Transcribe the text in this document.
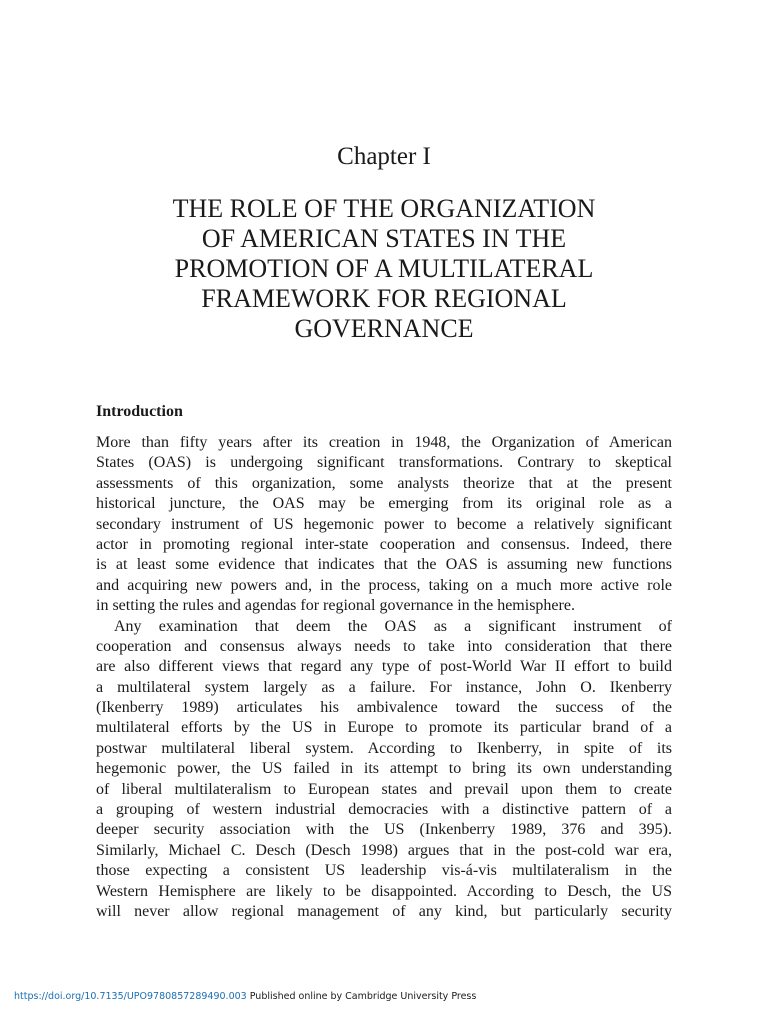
Chapter I
THE ROLE OF THE ORGANIZATION
OF AMERICAN STATES IN THE
PROMOTION OF A MULTILATERAL
FRAMEWORK FOR REGIONAL
GOVERNANCE
Introduction

More than fifty years after its creation in 1948, the Organization of American
States (OAS) is undergoing significant transformations. Contrary to skeptical
assessments of this organization, some analysts theorize that at the present
historical juncture, the OAS may be emerging from its original role as a
secondary instrument of US hegemonic power to become a relatively significant
actor in promoting regional inter-state cooperation and consensus. Indeed, there
is at least some evidence that indicates that the OAS is assuming new functions
and acquiring new powers and, in the process, taking on a much more active role
in setting the rules and agendas for regional governance in the hemisphere.

Any examination that deem the OAS as a significant instrument of
cooperation and consensus always needs to take into consideration that there
are also different views that regard any type of post-World War II effort to build
a multilateral system largely as a failure. For instance, John O. Ikenberry
(Ikenberry 1989) articulates his ambivalence toward the success of the
multilateral efforts by the US in Europe to promote its particular brand of a
postwar multilateral liberal system. According to Ikenberry, in spite of its
hegemonic power, the US failed in its attempt to bring its own understanding
of liberal multilateralism to European states and prevail upon them to create
a grouping of western industrial democracies with a distinctive pattern of a
deeper security association with the US (Inkenberry 1989, 376 and 395).
Similarly, Michael C. Desch (Desch 1998) argues that in the post-cold war era,
those expecting a consistent US leadership vis-á-vis multilateralism in the
Western Hemisphere are likely to be disappointed. According to Desch, the US
will never allow regional management of any kind, but particularly security

https://doi.org/10.7135/UPO9780857289490.003 Published online by Cambridge University Press
